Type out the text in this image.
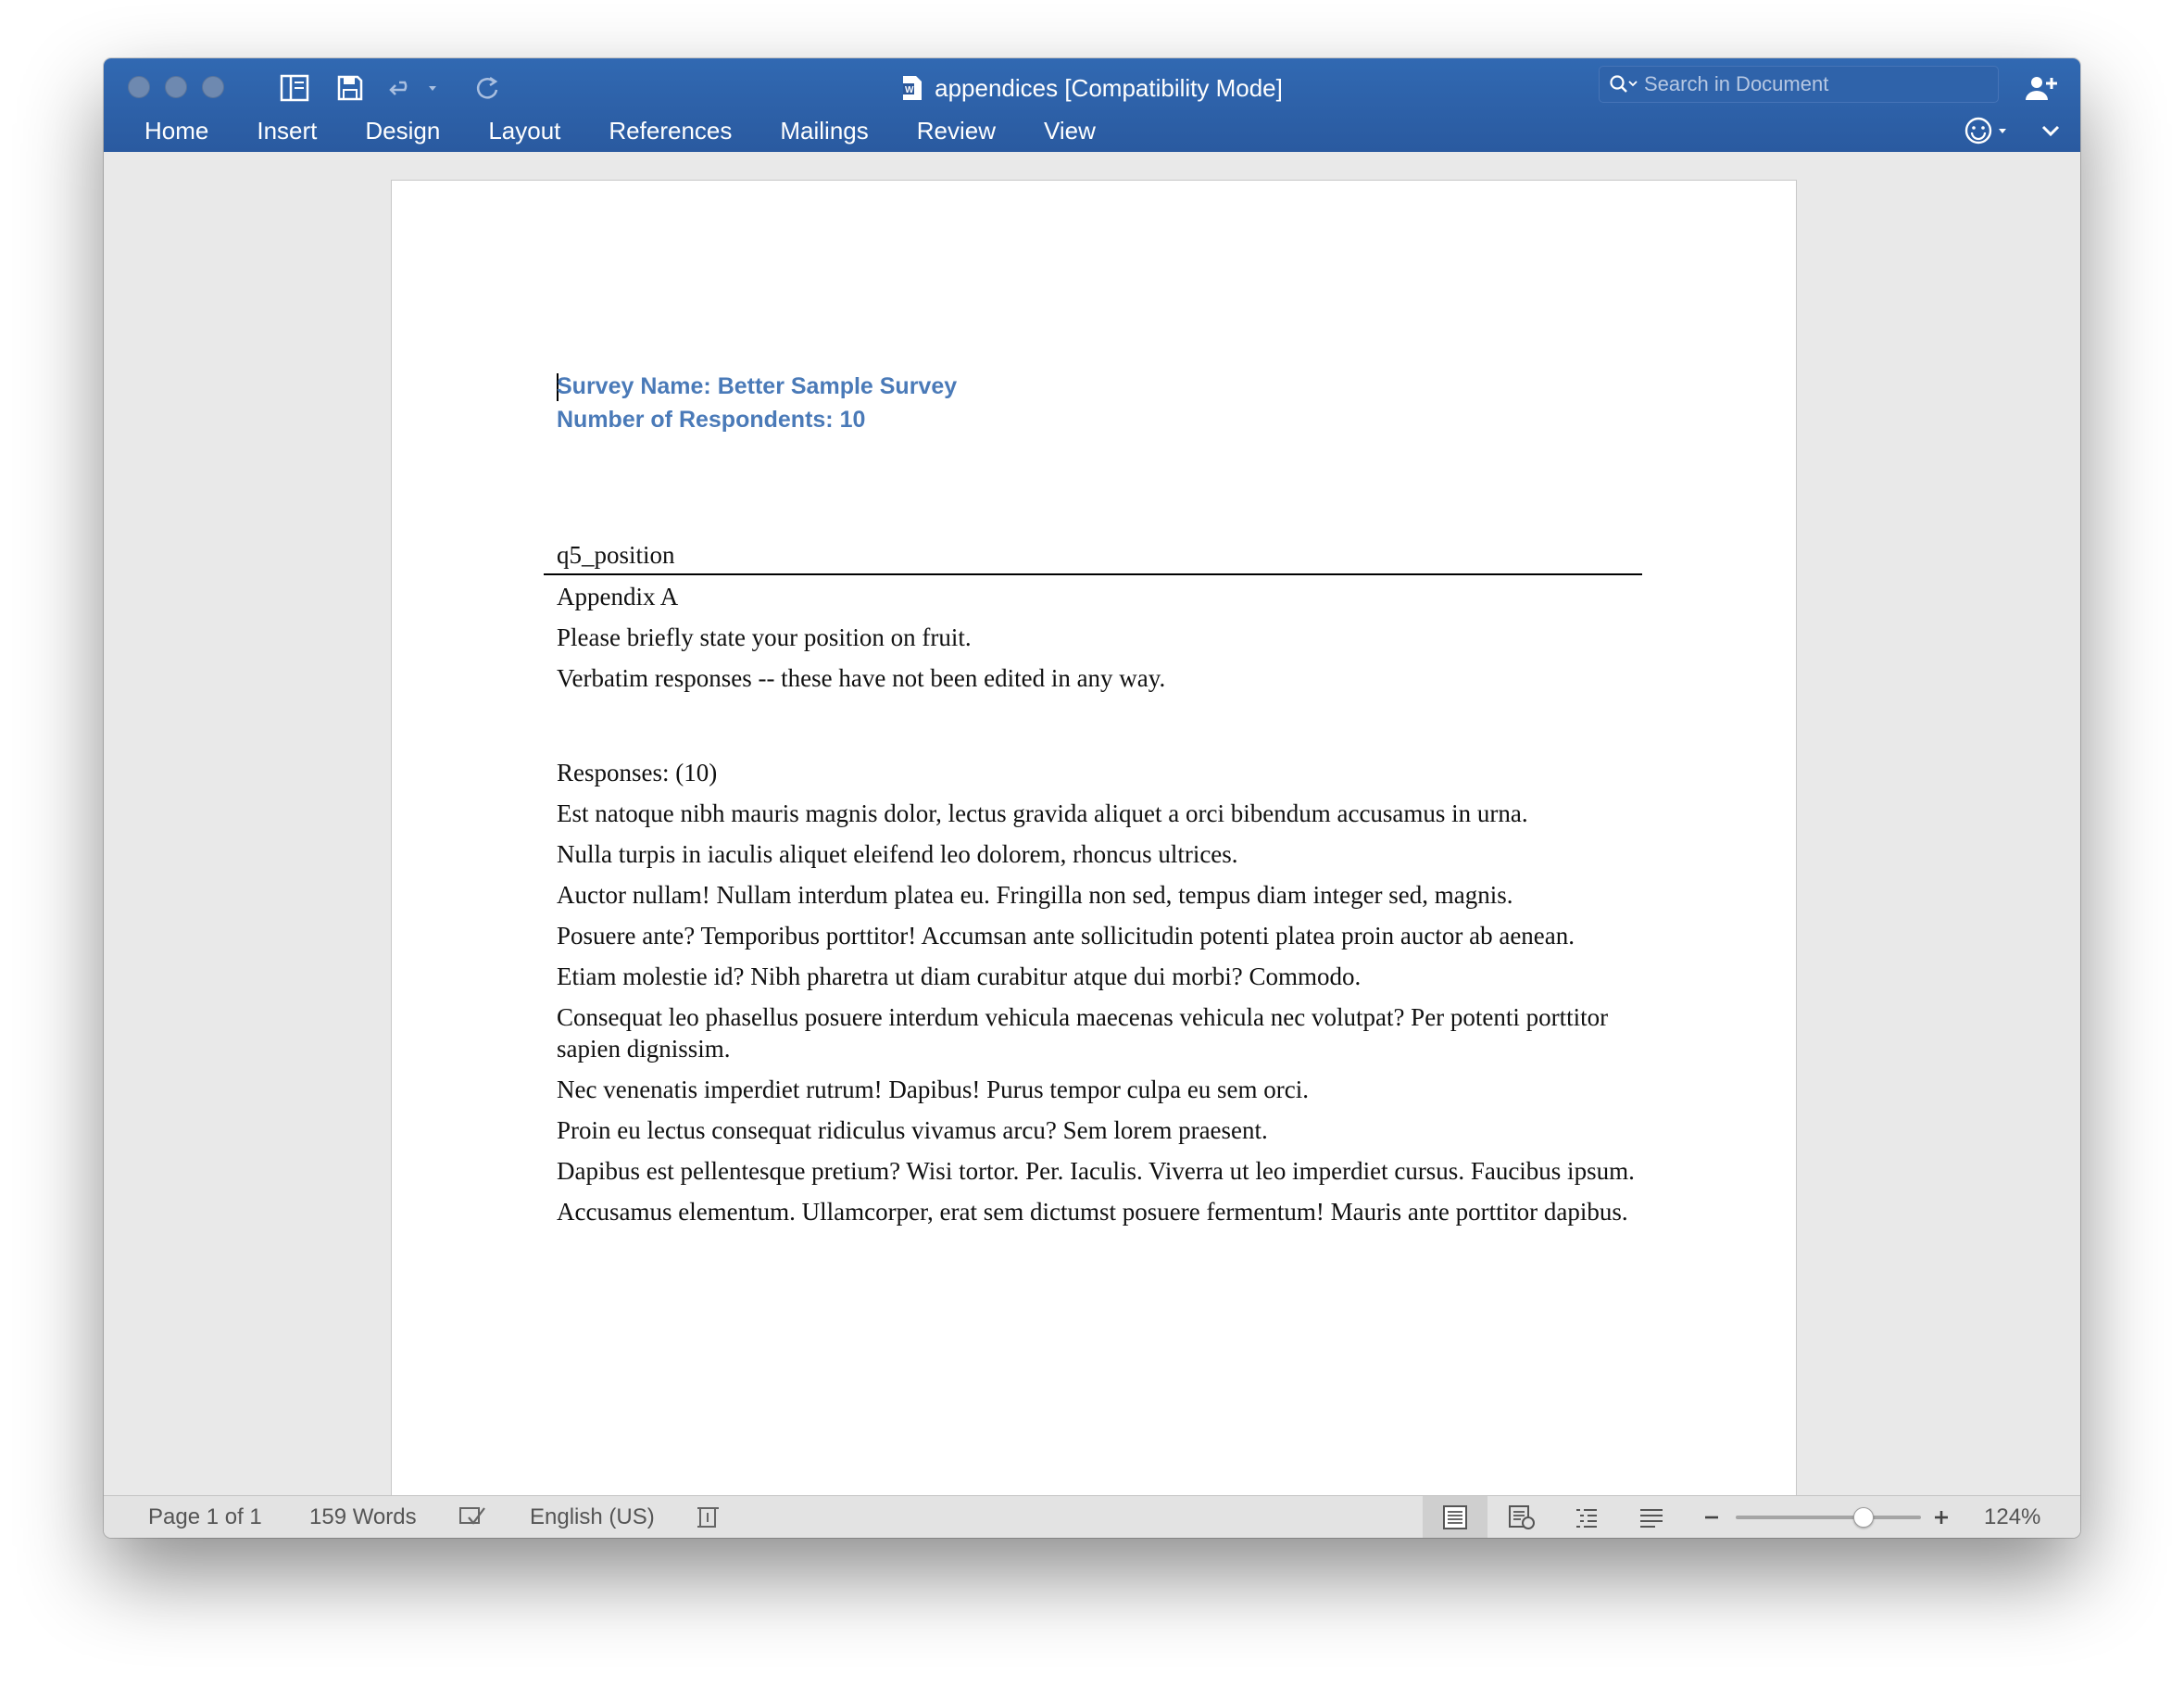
W appendices [Compatibility Mode]	Search in Document
Home	Insert	Design	Layout	References	Mailings	Review	View
Survey Name: Better Sample Survey
Number of Respondents: 10
q5_position

Appendix A

Please briefly state your position on fruit.

Verbatim responses -- these have not been edited in any way.

Responses: (10)

Est natoque nibh mauris magnis dolor, lectus gravida aliquet a orci bibendum accusamus in urna.

Nulla turpis in iaculis aliquet eleifend leo dolorem, rhoncus ultrices.

Auctor nullam! Nullam interdum platea eu. Fringilla non sed, tempus diam integer sed, magnis.

Posuere ante? Temporibus porttitor! Accumsan ante sollicitudin potenti platea proin auctor ab aenean.

Etiam molestie id? Nibh pharetra ut diam curabitur atque dui morbi? Commodo.

Consequat leo phasellus posuere interdum vehicula maecenas vehicula nec volutpat? Per potenti porttitor sapien dignissim.

Nec venenatis imperdiet rutrum! Dapibus! Purus tempor culpa eu sem orci.

Proin eu lectus consequat ridiculus vivamus arcu? Sem lorem praesent.

Dapibus est pellentesque pretium? Wisi tortor. Per. Iaculis. Viverra ut leo imperdiet cursus. Faucibus ipsum.

Accusamus elementum. Ullamcorper, erat sem dictumst posuere fermentum! Mauris ante porttitor dapibus.

Page 1 of 1 159 Words	English (US)	124%
